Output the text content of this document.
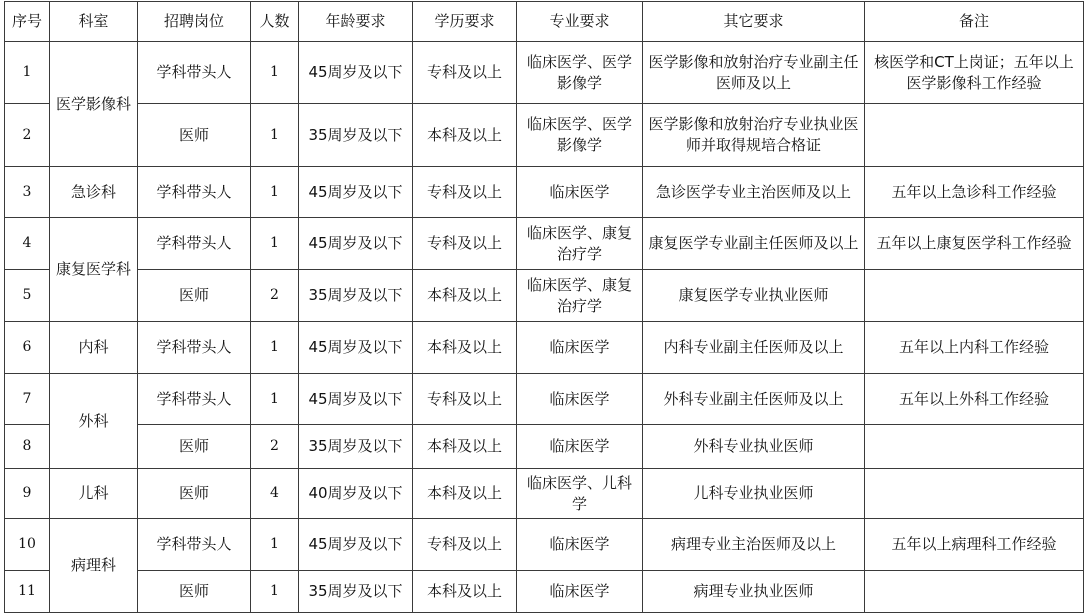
序号	科室	招聘岗位	人数	年龄要求	学历要求	专业要求	其它要求	备注
1	医学影像科	学科带头人	1	45周岁及以下	专科及以上	临床医学、医学影像学	医学影像和放射治疗专业副主任医师及以上	核医学和CT上岗证；五年以上医学影像科工作经验
2		医师	1	35周岁及以下	本科及以上	临床医学、医学影像学	医学影像和放射治疗专业执业医师并取得规培合格证	
3	急诊科	学科带头人	1	45周岁及以下	专科及以上	临床医学	急诊医学专业主治医师及以上	五年以上急诊科工作经验
4	康复医学科	学科带头人	1	45周岁及以下	专科及以上	临床医学、康复治疗学	康复医学专业副主任医师及以上	五年以上康复医学科工作经验
5		医师	2	35周岁及以下	本科及以上	临床医学、康复治疗学	康复医学专业执业医师	
6	内科	学科带头人	1	45周岁及以下	本科及以上	临床医学	内科专业副主任医师及以上	五年以上内科工作经验
7	外科	学科带头人	1	45周岁及以下	专科及以上	临床医学	外科专业副主任医师及以上	五年以上外科工作经验
8		医师	2	35周岁及以下	本科及以上	临床医学	外科专业执业医师	
9	儿科	医师	4	40周岁及以下	本科及以上	临床医学、儿科学	儿科专业执业医师	
10	病理科	学科带头人	1	45周岁及以下	专科及以上	临床医学	病理专业主治医师及以上	五年以上病理科工作经验
11		医师	1	35周岁及以下	本科及以上	临床医学	病理专业执业医师	
